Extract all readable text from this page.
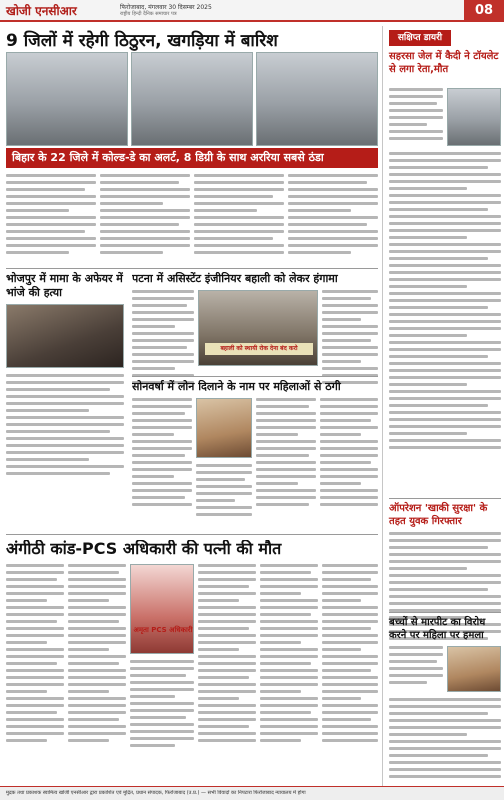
खोजी एनसीआर	फिरोजाबाद, मंगलवार 30 दिसम्बर 2025
राष्ट्रीय हिन्दी दैनिक समाचार पत्र	08
9 जिलों में रहेगी ठिठुरन, खगड़िया में बारिश
बिहार के 22 जिले में कोल्ड-डे का अलर्ट, 8 डिग्री के साथ अररिया सबसे ठंडा
भोजपुर में मामा के अफेयर में भांजे की हत्या
पटना में असिस्टेंट इंजीनियर बहाली को लेकर हंगामा
बहाली को स्थायी रोक देना बंद करो
सोनवर्षा में लोन दिलाने के नाम पर महिलाओं से ठगी
अंगीठी कांड-PCS अधिकारी की पत्नी की मौत
अमृता PCS अधिकारी
सक्षिप्त डायरी
सहरसा जेल में कैदी ने टॉयलेट से लगा रेता,मौत
ऑपरेशन 'खाकी सुरक्षा' के तहत युवक गिरफ्तार
बच्चों से मारपीट का विरोध करने पर महिला पर हमला
मुद्रक तथा प्रकाशक स्वामित्व खोजी एनसीआर द्वारा प्रकाशित एवं मुद्रित, प्रधान संपादक, फिरोजाबाद (उ.प्र.) — सभी विवादों का निपटारा फिरोजाबाद न्यायालय में होगा
